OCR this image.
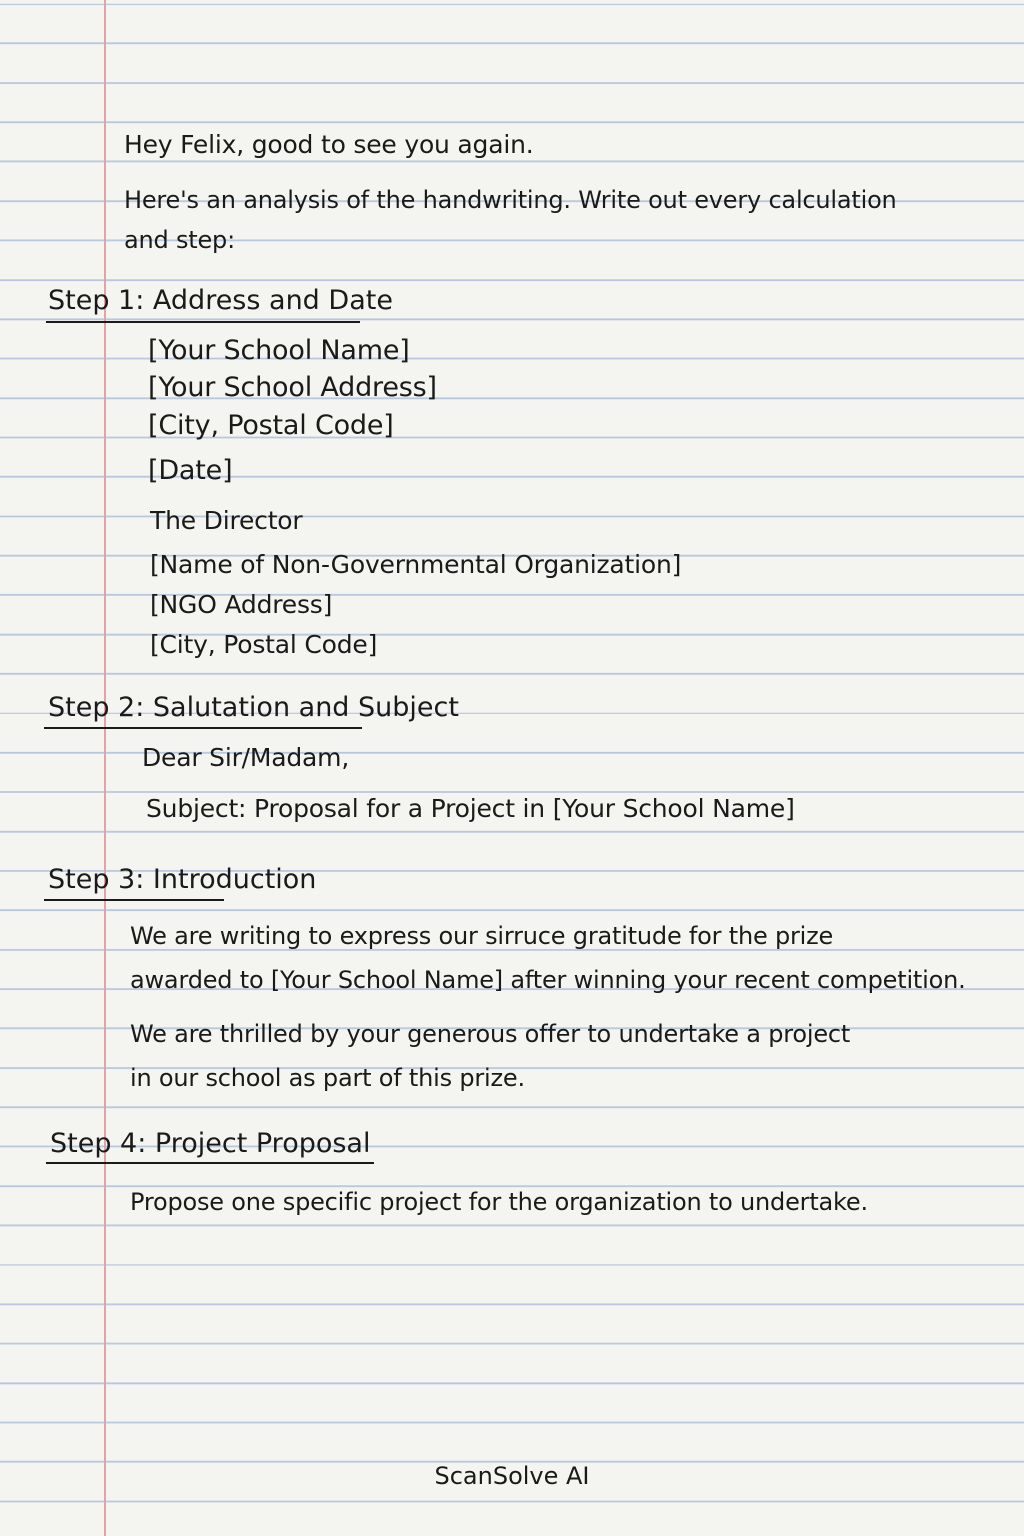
Hey Felix, good to see you again.
Here's an analysis of the handwriting. Write out every calculation
and step:
Step 1: Address and Date
[Your School Name]
[Your School Address]
[City, Postal Code]
[Date]
The Director
[Name of Non-Governmental Organization]
[NGO Address]
[City, Postal Code]
Step 2: Salutation and Subject
Dear Sir/Madam,
Subject: Proposal for a Project in [Your School Name]
Step 3: Introduction
We are writing to express our sirruce gratitude for the prize
awarded to [Your School Name] after winning your recent competition.
We are thrilled by your generous offer to undertake a project
in our school as part of this prize.
Step 4: Project Proposal
Propose one specific project for the organization to undertake.
ScanSolve AI
